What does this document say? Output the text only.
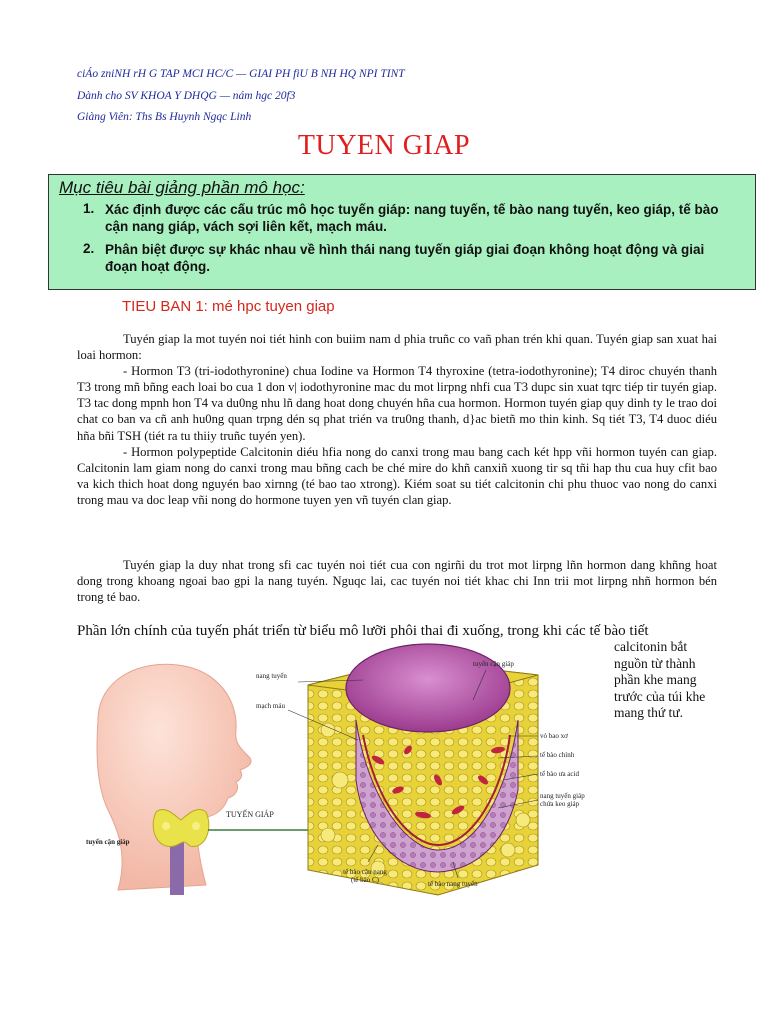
ciÁo zniNH rH G TAP MCI HC/C — GIAI PH fiU B NH HQ NPI TINT
Dành cho SV KHOA Y DHQG — nám hgc 20f3
Giàng Viên: Ths Bs Huynh Ngqc Linh
TUYEN GIAP
Mục tiêu bài giảng phần mô học:
1. Xác định được các cấu trúc mô học tuyến giáp: nang tuyến, tế bào nang tuyến, keo giáp, tế bào cận nang giáp, vách sợi liên kết, mạch máu.
2. Phân biệt được sự khác nhau về hình thái nang tuyến giáp giai đoạn không hoạt động và giai đoạn hoạt động.
TIEU BAN 1: mé hpc tuyen giap
Tuyén giap la mot tuyén noi tiét hinh con buiim nam d phia truñc co vañ phan trén khi quan. Tuyén giap san xuat hai loai hormon:
- Hormon T3 (tri-iodothyronine) chua Iodine va Hormon T4 thyroxine (tetra-iodothyronine); T4 diroc chuyén thanh T3 trong mñ bñng each loai bo cua 1 don v| iodothyronine mac du mot lirpng nhfi cua T3 dupc sin xuat tqrc tiép tir tuyén giap. T3 tac dong mpnh hon T4 va du0ng nhu lñ dang hoat dong chuyén hña cua hormon. Hormon tuyén giap quy dinh ty le trao doi chat co ban va cñ anh hu0ng quan trpng dén sq phat trién va tru0ng thanh, d}ac bietñ mo thin kinh. Sq tiét T3, T4 duoc diéu hña bñi TSH (tiét ra tu thiiy truñc tuyén yen).
- Hormon polypeptide Calcitonin diéu hfia nong do canxi trong mau bang cach két hpp vñi hormon tuyén can giap. Calcitonin lam giam nong do canxi trong mau bñng cach be ché mire do khñ canxiñ xuong tir sq tñi hap thu cua huy cfit bao va kich thich hoat dong nguyén bao xirnng (té bao tao xtrong). Kiém soat su tiét calcitonin chi phu thuoc vao nong do canxi trong mau va doc leap vñi nong do hormone tuyen yen vñ tuyén clan giap.
Tuyén giap la duy nhat trong sfi cac tuyén noi tiét cua con ngirñi du trot mot lirpng lñn hormon dang khñng hoat dong trong khoang ngoai bao gpi la nang tuyén. Nguqc lai, cac tuyén noi tiét khac chi Inn trii mot lirpng nhñ hormon bén trong té bao.
Phần lớn chính của tuyến phát triển từ biểu mô lưỡi phôi thai đi xuống, trong khi các tế bào tiết
calcitonin bắt nguồn từ thành phần khe mang trước của túi khe mang thứ tư.
tuyến cận giáp
nang tuyến
mạch máu
vỏ bao xơ
tế bào chính
tế bào ưa acid
nang tuyến giáp chứa keo giáp
TUYẾN GIÁP
tuyến cận giáp
tế bào cận nang (tế bào C)	tế bào nang tuyến
